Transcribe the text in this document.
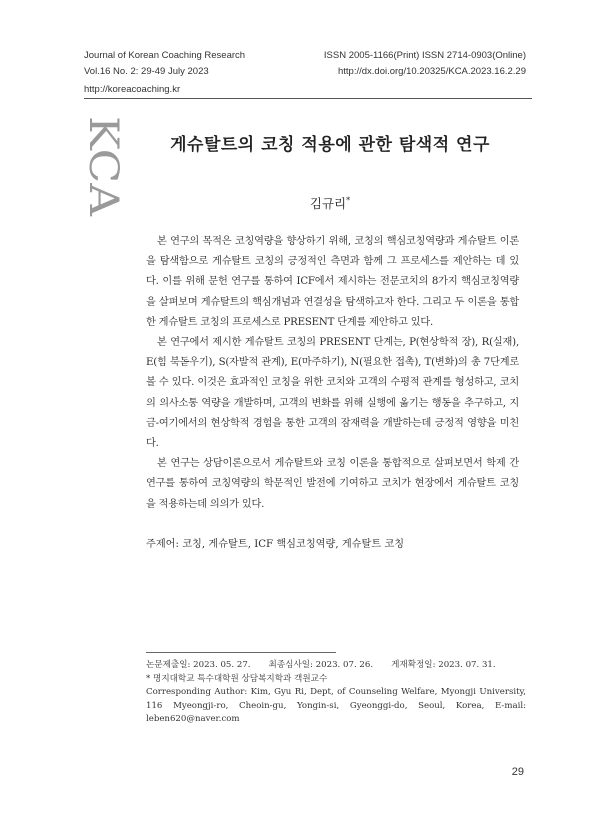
Journal of Korean Coaching Research
Vol.16 No. 2: 29-49 July 2023
ISSN 2005-1166(Print) ISSN 2714-0903(Online)
http://dx.doi.org/10.20325/KCA.2023.16.2.29
http://koreacoaching.kr
KCA	게슈탈트의 코칭 적용에 관한 탐색적 연구
김규리*

본 연구의 목적은 코칭역량을 향상하기 위해, 코칭의 핵심코칭역량과 게슈탈트 이론을 탐색함으로 게슈탈트 코칭의 긍정적인 측면과 함께 그 프로세스를 제안하는 데 있다. 이를 위해 문헌 연구를 통하여 ICF에서 제시하는 전문코치의 8가지 핵심코칭역량을 살펴보며 게슈탈트의 핵심개념과 연결성을 탐색하고자 한다. 그리고 두 이론을 통합한 게슈탈트 코칭의 프로세스로 PRESENT 단계를 제안하고 있다.

본 연구에서 제시한 게슈탈트 코칭의 PRESENT 단계는, P(현상학적 장), R(실재), E(힘 북돋우기), S(자발적 관계), E(마주하기), N(필요한 접촉), T(변화)의 총 7단계로 볼 수 있다. 이것은 효과적인 코칭을 위한 코치와 고객의 수평적 관계를 형성하고, 코치의 의사소통 역량을 개발하며, 고객의 변화를 위해 실행에 옮기는 행동을 추구하고, 지금-여기에서의 현상학적 경험을 통한 고객의 잠재력을 개발하는데 긍정적 영향을 미친다.

본 연구는 상담이론으로서 게슈탈트와 코칭 이론을 통합적으로 살펴보면서 학제 간 연구를 통하여 코칭역량의 학문적인 발전에 기여하고 코치가 현장에서 게슈탈트 코칭을 적용하는데 의의가 있다.

주제어: 코칭, 게슈탈트, ICF 핵심코칭역량, 게슈탈트 코칭
논문제출일: 2023. 05. 27. 최종심사일: 2023. 07. 26. 게재확정일: 2023. 07. 31.
* 명지대학교 특수대학원 상담복지학과 객원교수
Corresponding Author: Kim, Gyu Ri, Dept, of Counseling Welfare, Myongji University, 116 Myeongji-ro, Cheoin-gu, Yongin-si, Gyeonggi-do, Seoul, Korea, E-mail: leben620@naver.com
29
